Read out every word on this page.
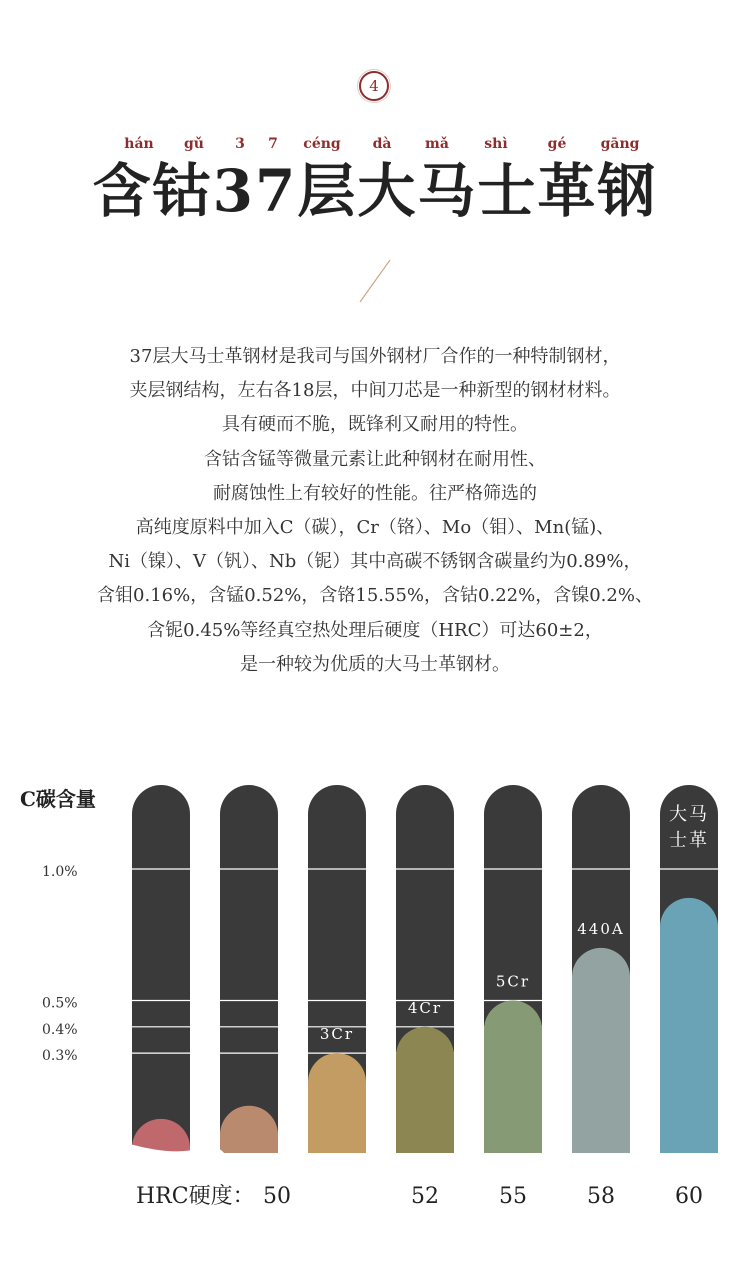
4
hán gǔ 3 7 céng dà mǎ	shì	gé gāng
含钴37层大马士革钢
37层大马士革钢材是我司与国外钢材厂合作的一种特制钢材，
夹层钢结构，左右各18层，中间刀芯是一种新型的钢材材料。
具有硬而不脆，既锋利又耐用的特性。
含钴含锰等微量元素让此种钢材在耐用性、
耐腐蚀性上有较好的性能。往严格筛选的
高纯度原料中加入C（碳），Cr（铬）、Mo（钼）、Mn(锰)、
Ni（镍）、V（钒）、Nb（铌）其中高碳不锈钢含碳量约为0.89%，
含钼0.16%，含锰0.52%，含铬15.55%，含钴0.22%，含镍0.2%、
含铌0.45%等经真空热处理后硬度（HRC）可达60±2，
是一种较为优质的大马士革钢材。
3Cr
4Cr
5Cr
440A
大马
士革
C碳含量
1.0%
0.5%
0.4%
0.3%
HRC硬度： 50	52	55	58	60
